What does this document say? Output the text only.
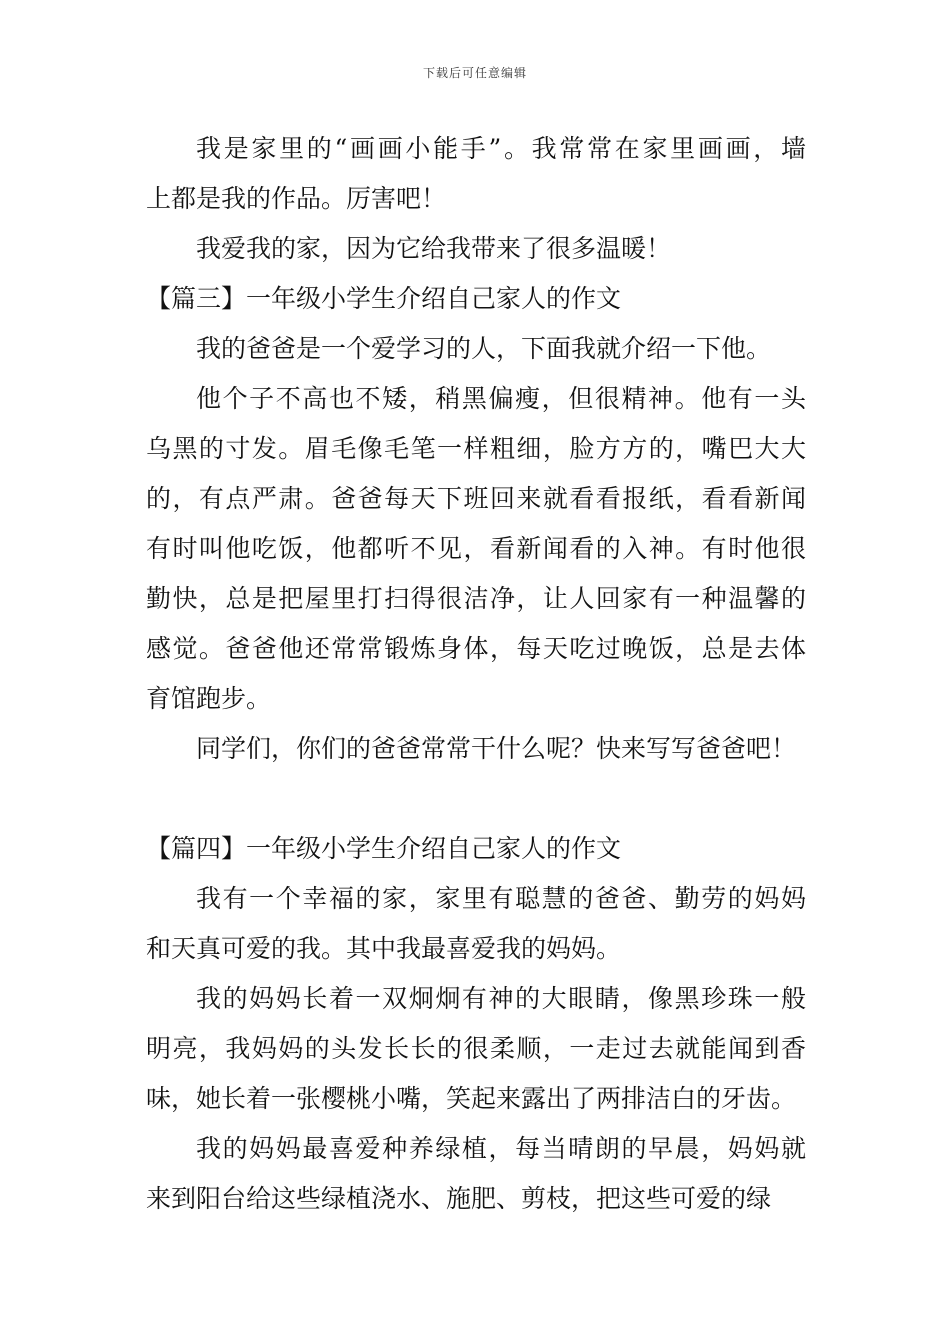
下载后可任意编辑
我是家里的“画画小能手”。我常常在家里画画，墙
上都是我的作品。厉害吧！
我爱我的家，因为它给我带来了很多温暖！
【篇三】一年级小学生介绍自己家人的作文
我的爸爸是一个爱学习的人，下面我就介绍一下他。
他个子不高也不矮，稍黑偏瘦，但很精神。他有一头
乌黑的寸发。眉毛像毛笔一样粗细，脸方方的，嘴巴大大
的，有点严肃。爸爸每天下班回来就看看报纸，看看新闻
有时叫他吃饭，他都听不见，看新闻看的入神。有时他很
勤快，总是把屋里打扫得很洁净，让人回家有一种温馨的
感觉。爸爸他还常常锻炼身体，每天吃过晚饭，总是去体
育馆跑步。
同学们，你们的爸爸常常干什么呢？快来写写爸爸吧！
【篇四】一年级小学生介绍自己家人的作文
我有一个幸福的家，家里有聪慧的爸爸、勤劳的妈妈
和天真可爱的我。其中我最喜爱我的妈妈。
我的妈妈长着一双炯炯有神的大眼睛，像黑珍珠一般
明亮，我妈妈的头发长长的很柔顺，一走过去就能闻到香
味，她长着一张樱桃小嘴，笑起来露出了两排洁白的牙齿。
我的妈妈最喜爱种养绿植，每当晴朗的早晨，妈妈就
来到阳台给这些绿植浇水、施肥、剪枝，把这些可爱的绿
